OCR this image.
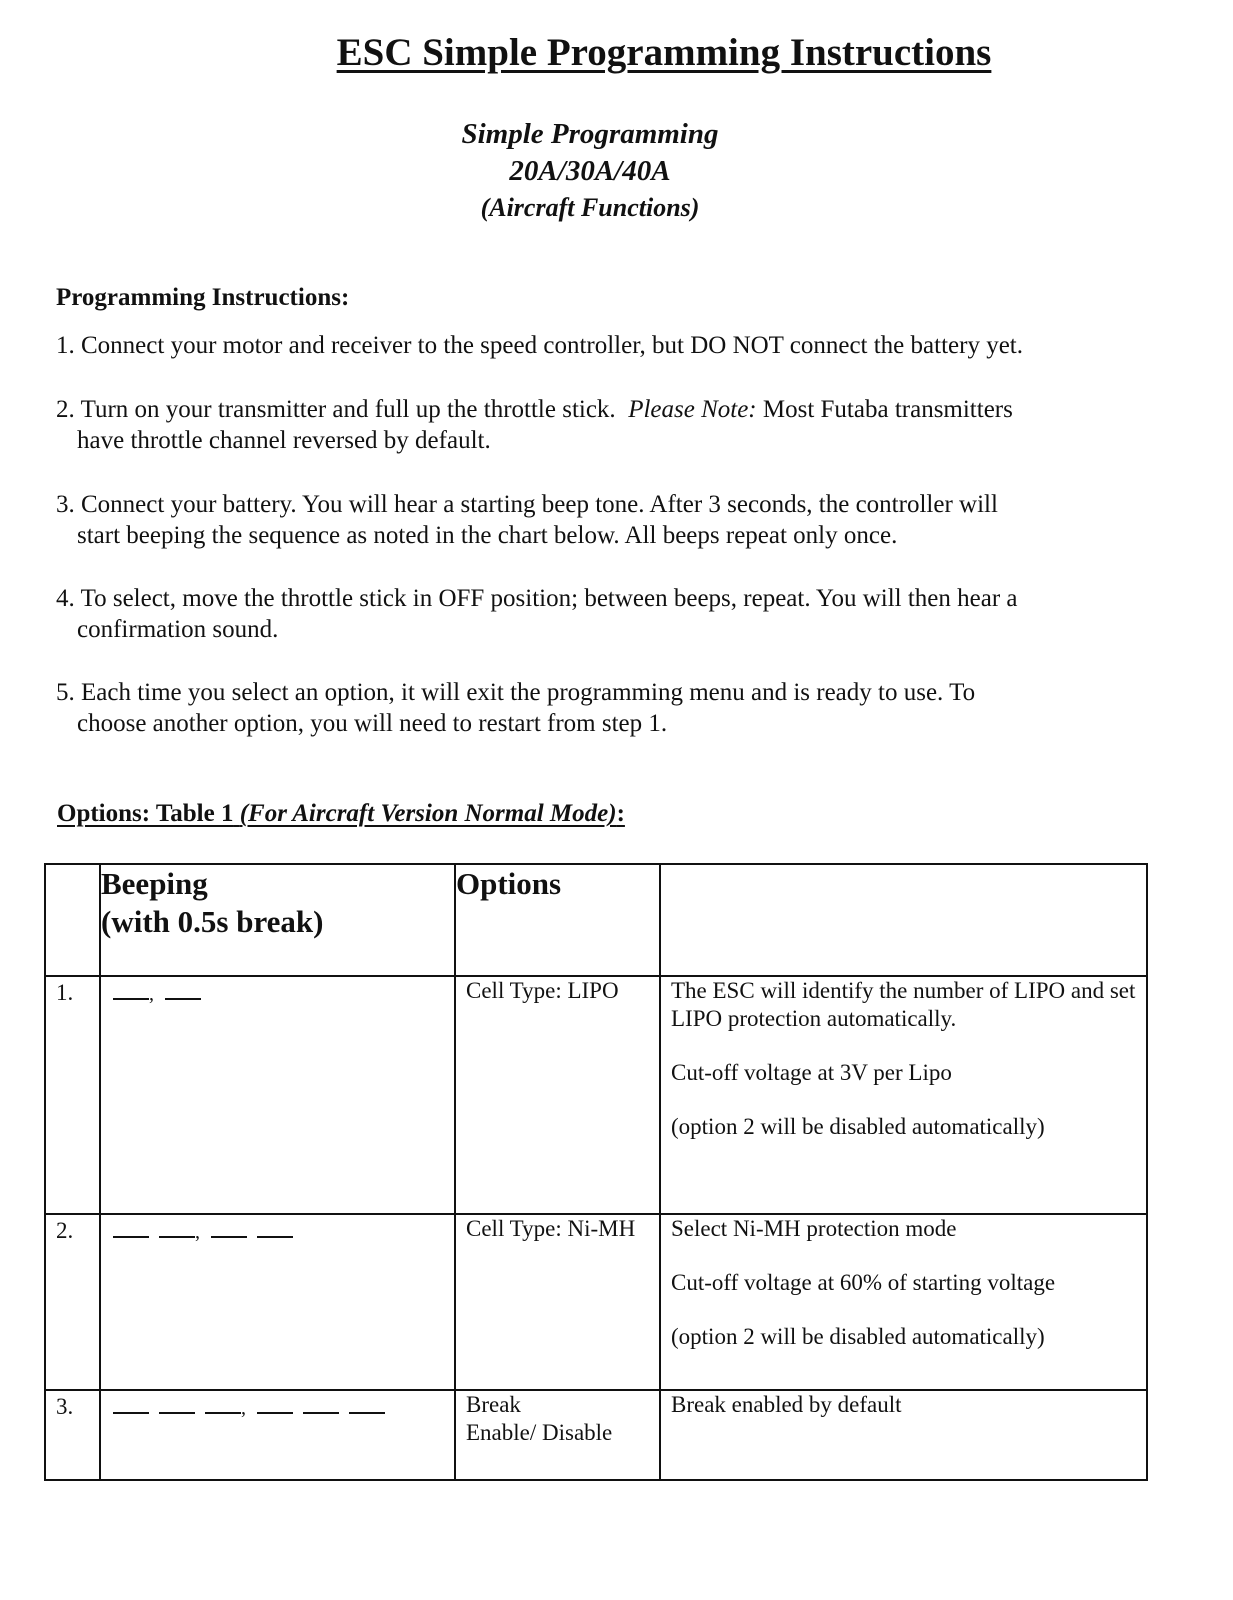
ESC Simple Programming Instructions

Simple Programming

20A/30A/40A

(Aircraft Functions)

Programming Instructions:

1. Connect your motor and receiver to the speed controller, but DO NOT connect the battery yet.
2. Turn on your transmitter and full up the throttle stick. Please Note: Most Futaba transmitters
have throttle channel reversed by default.
3. Connect your battery. You will hear a starting beep tone. After 3 seconds, the controller will
start beeping the sequence as noted in the chart below. All beeps repeat only once.
4. To select, move the throttle stick in OFF position; between beeps, repeat. You will then hear a
confirmation sound.
5. Each time you select an option, it will exit the programming menu and is ready to use. To
choose another option, you will need to restart from step 1.

Options: Table 1 (For Aircraft Version Normal Mode):

	Beeping
(with 0.5s break)	Options	

1.	,	Cell Type: LIPO	The ESC will identify the number of LIPO and set LIPO protection automatically.

Cut-off voltage at 3V per Lipo

(option 2 will be disabled automatically)

2.	,	Cell Type: Ni-MH	Select Ni-MH protection mode

Cut-off voltage at 60% of starting voltage

(option 2 will be disabled automatically)

3.	,	Break
Enable/ Disable	Break enabled by default
